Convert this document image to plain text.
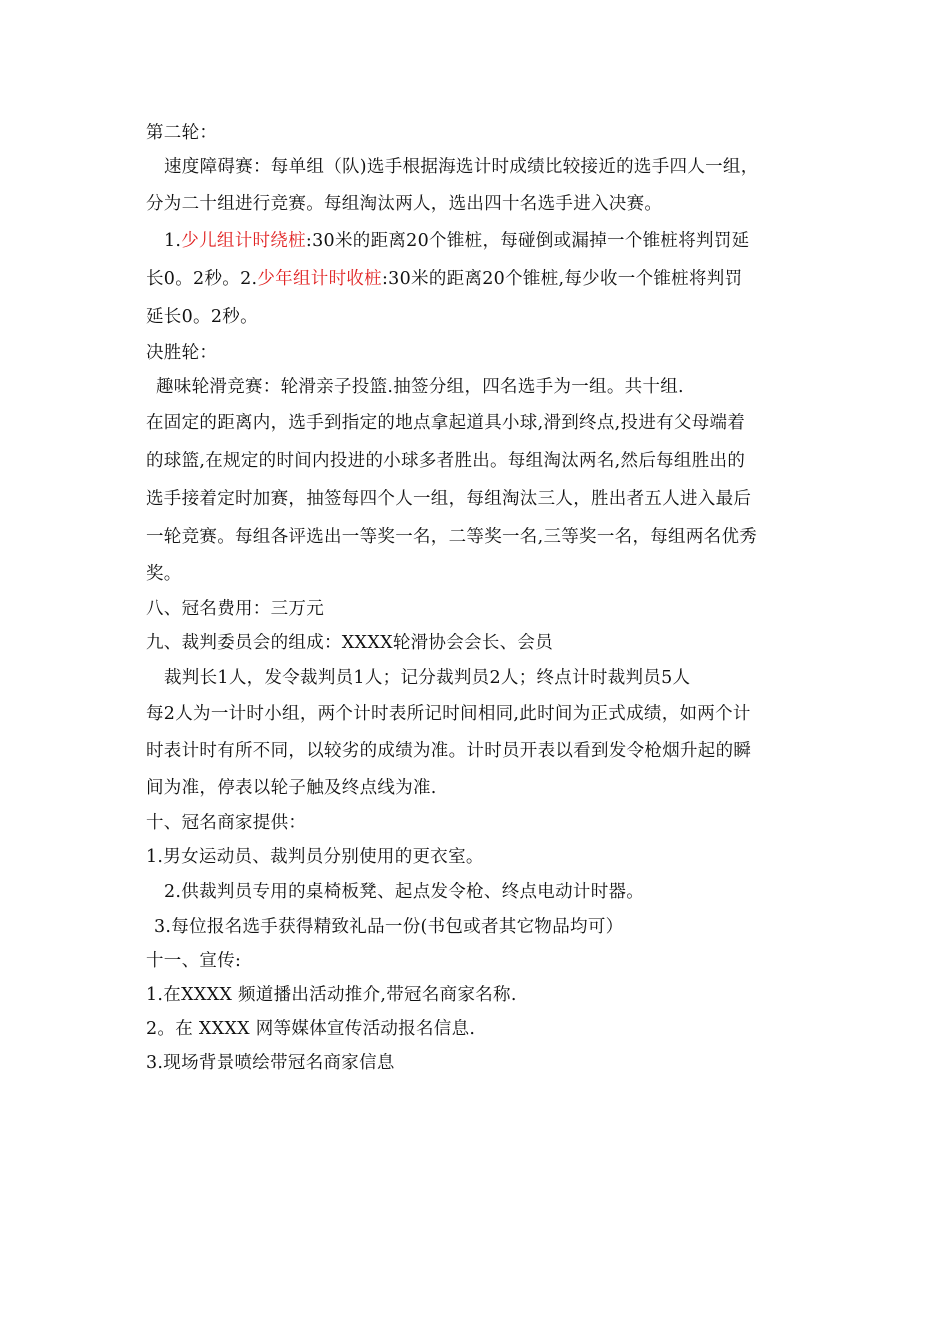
第二轮：

速度障碍赛：每单组（队)选手根据海选计时成绩比较接近的选手四人一组，

分为二十组进行竞赛。每组淘汰两人，选出四十名选手进入决赛。

1.少儿组计时绕桩:30米的距离20个锥桩，每碰倒或漏掉一个锥桩将判罚延

长0。2秒。2.少年组计时收桩:30米的距离20个锥桩,每少收一个锥桩将判罚

延长0。2秒。

决胜轮：

趣味轮滑竞赛：轮滑亲子投篮.抽签分组，四名选手为一组。共十组.

在固定的距离内，选手到指定的地点拿起道具小球,滑到终点,投进有父母端着

的球篮,在规定的时间内投进的小球多者胜出。每组淘汰两名,然后每组胜出的

选手接着定时加赛，抽签每四个人一组，每组淘汰三人，胜出者五人进入最后

一轮竞赛。每组各评选出一等奖一名，二等奖一名,三等奖一名，每组两名优秀

奖。

八、冠名费用：三万元

九、裁判委员会的组成：XXXX轮滑协会会长、会员

裁判长1人，发令裁判员1人；记分裁判员2人；终点计时裁判员5人

每2人为一计时小组，两个计时表所记时间相同,此时间为正式成绩，如两个计

时表计时有所不同，以较劣的成绩为准。计时员开表以看到发令枪烟升起的瞬

间为准，停表以轮子触及终点线为准.

十、冠名商家提供：

1.男女运动员、裁判员分别使用的更衣室。

2.供裁判员专用的桌椅板凳、起点发令枪、终点电动计时器。

3.每位报名选手获得精致礼品一份(书包或者其它物品均可）

十一、宣传:

1.在XXXX 频道播出活动推介,带冠名商家名称.

2。在 XXXX 网等媒体宣传活动报名信息.

3.现场背景喷绘带冠名商家信息
